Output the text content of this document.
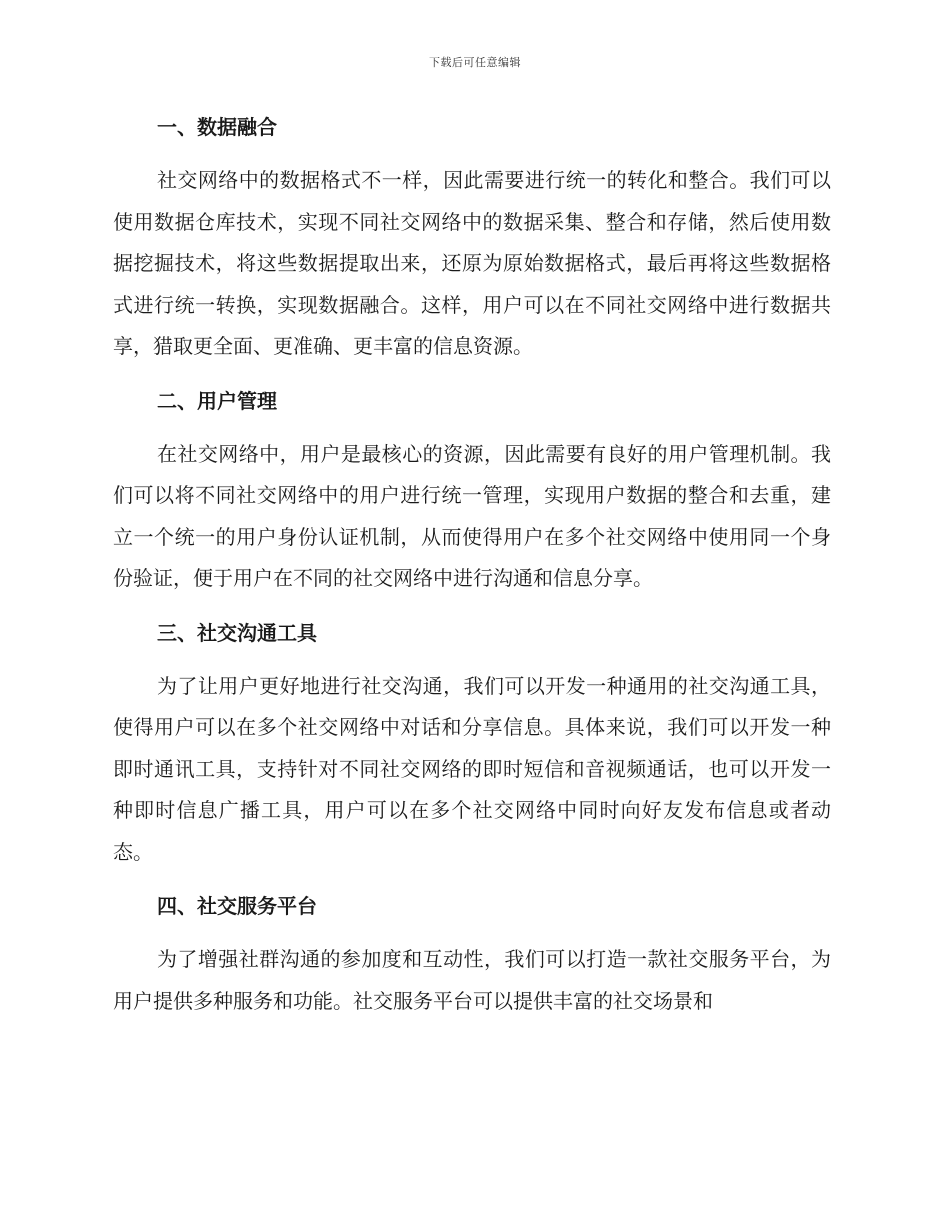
下载后可任意编辑
一、数据融合

社交网络中的数据格式不一样，因此需要进行统一的转化和整合。我们可以使用数据仓库技术，实现不同社交网络中的数据采集、整合和存储，然后使用数据挖掘技术，将这些数据提取出来，还原为原始数据格式，最后再将这些数据格式进行统一转换，实现数据融合。这样，用户可以在不同社交网络中进行数据共享，猎取更全面、更准确、更丰富的信息资源。

二、用户管理

在社交网络中，用户是最核心的资源，因此需要有良好的用户管理机制。我们可以将不同社交网络中的用户进行统一管理，实现用户数据的整合和去重，建立一个统一的用户身份认证机制，从而使得用户在多个社交网络中使用同一个身份验证，便于用户在不同的社交网络中进行沟通和信息分享。

三、社交沟通工具

为了让用户更好地进行社交沟通，我们可以开发一种通用的社交沟通工具，使得用户可以在多个社交网络中对话和分享信息。具体来说，我们可以开发一种即时通讯工具，支持针对不同社交网络的即时短信和音视频通话，也可以开发一种即时信息广播工具，用户可以在多个社交网络中同时向好友发布信息或者动态。

四、社交服务平台

为了增强社群沟通的参加度和互动性，我们可以打造一款社交服务平台，为用户提供多种服务和功能。社交服务平台可以提供丰富的社交场景和
